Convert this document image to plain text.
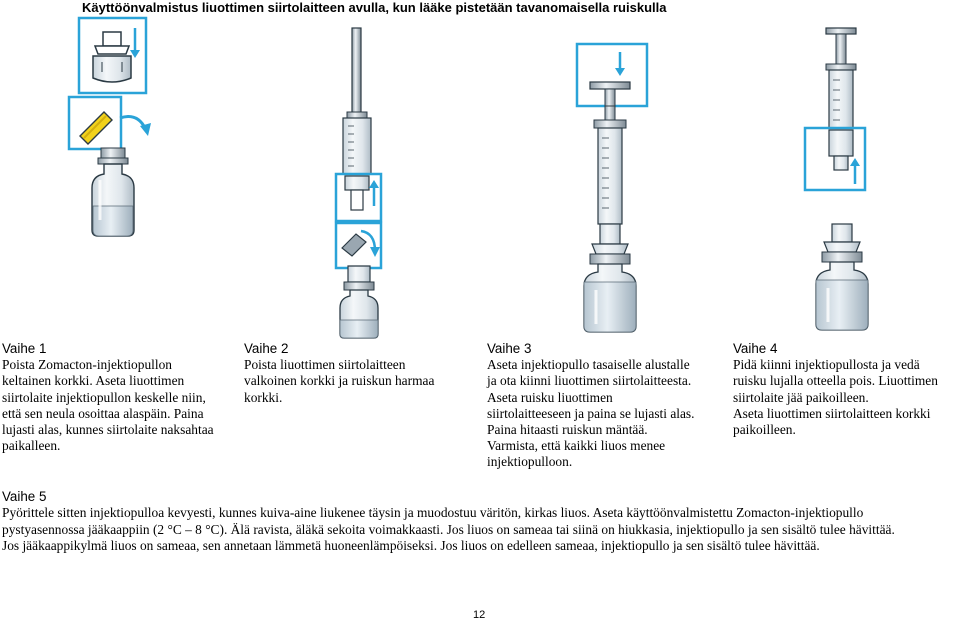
Käyttöönvalmistus liuottimen siirtolaitteen avulla, kun lääke pistetään tavanomaisella ruiskulla
Vaihe 1
Poista Zomacton-injektiopullon
keltainen korkki. Aseta liuottimen
siirtolaite injektiopullon keskelle niin,
että sen neula osoittaa alaspäin. Paina
lujasti alas, kunnes siirtolaite naksahtaa
paikalleen.
Vaihe 2
Poista liuottimen siirtolaitteen
valkoinen korkki ja ruiskun harmaa
korkki.
Vaihe 3
Aseta injektiopullo tasaiselle alustalle
ja ota kiinni liuottimen siirtolaitteesta.
Aseta ruisku liuottimen
siirtolaitteeseen ja paina se lujasti alas.
Paina hitaasti ruiskun mäntää.
Varmista, että kaikki liuos menee
injektiopulloon.
Vaihe 4
Pidä kiinni injektiopullosta ja vedä
ruisku lujalla otteella pois. Liuottimen
siirtolaite jää paikoilleen.
Aseta liuottimen siirtolaitteen korkki
paikoilleen.
Vaihe 5
Pyörittele sitten injektiopulloa kevyesti, kunnes kuiva-aine liukenee täysin ja muodostuu väritön, kirkas liuos. Aseta käyttöönvalmistettu Zomacton-injektiopullo
pystyasennossa jääkaappiin (2 °C – 8 °C). Älä ravista, äläkä sekoita voimakkaasti. Jos liuos on sameaa tai siinä on hiukkasia, injektiopullo ja sen sisältö tulee hävittää.
Jos jääkaappikylmä liuos on sameaa, sen annetaan lämmetä huoneenlämpöiseksi. Jos liuos on edelleen sameaa, injektiopullo ja sen sisältö tulee hävittää.
12
